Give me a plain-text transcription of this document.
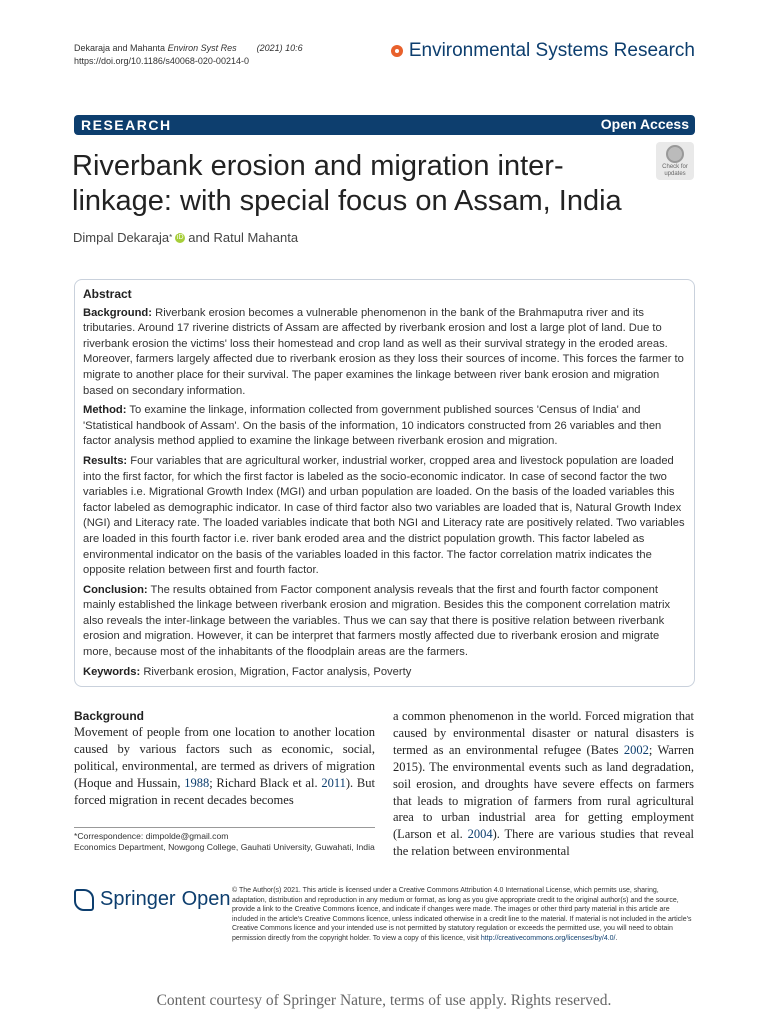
Dekaraja and Mahanta Environ Syst Res (2021) 10:6
https://doi.org/10.1186/s40068-020-00214-0	Environmental Systems Research
RESEARCH	Open Access
Riverbank erosion and migration inter-linkage: with special focus on Assam, India
Check for
updates
Dimpal Dekaraja * iD and Ratul Mahanta
Abstract

Background: Riverbank erosion becomes a vulnerable phenomenon in the bank of the Brahmaputra river and its tributaries. Around 17 riverine districts of Assam are affected by riverbank erosion and lost a large plot of land. Due to riverbank erosion the victims' loss their homestead and crop land as well as their survival strategy in the eroded areas. Moreover, farmers largely affected due to riverbank erosion as they loss their sources of income. This forces the farmer to migrate to another place for their survival. The paper examines the linkage between river bank erosion and migration based on secondary information.

Method: To examine the linkage, information collected from government published sources 'Census of India' and 'Statistical handbook of Assam'. On the basis of the information, 10 indicators constructed from 26 variables and then factor analysis method applied to examine the linkage between riverbank erosion and migration.

Results: Four variables that are agricultural worker, industrial worker, cropped area and livestock population are loaded into the first factor, for which the first factor is labeled as the socio-economic indicator. In case of second factor the two variables i.e. Migrational Growth Index (MGI) and urban population are loaded. On the basis of the loaded variables this factor labeled as demographic indicator. In case of third factor also two variables are loaded that is, Natural Growth Index (NGI) and Literacy rate. The loaded variables indicate that both NGI and Literacy rate are positively related. Two variables are loaded in this fourth factor i.e. river bank eroded area and the district population growth. This factor labeled as environmental indicator on the basis of the variables loaded in this factor. The factor correlation matrix indicates the opposite relation between first and fourth factor.

Conclusion: The results obtained from Factor component analysis reveals that the first and fourth factor component mainly established the linkage between riverbank erosion and migration. Besides this the component correlation matrix also reveals the inter-linkage between the variables. Thus we can say that there is positive relation between riverbank erosion and migration. However, it can be interpret that farmers mostly affected due to riverbank erosion and migrate more, because most of the inhabitants of the floodplain areas are the farmers.

Keywords: Riverbank erosion, Migration, Factor analysis, Poverty

Background
Movement of people from one location to another location caused by various factors such as economic, social, political, environmental, are termed as drivers of migration (Hoque and Hussain, 1988; Richard Black et al. 2011). But forced migration in recent decades becomes
a common phenomenon in the world. Forced migration that caused by environmental disaster or natural disasters is termed as an environmental refugee (Bates 2002; Warren 2015). The environmental events such as land degradation, soil erosion, and droughts have severe effects on farmers that leads to migration of farmers from rural agricultural area to urban industrial area for getting employment (Larson et al. 2004). There are various studies that reveal the relation between environmental
*Correspondence: dimpolde@gmail.com
Economics Department, Nowgong College, Gauhati University, Guwahati, India
Springer Open © The Author(s) 2021. This article is licensed under a Creative Commons Attribution 4.0 International License, which permits use, sharing, adaptation, distribution and reproduction in any medium or format, as long as you give appropriate credit to the original author(s) and the source, provide a link to the Creative Commons licence, and indicate if changes were made. The images or other third party material in this article are included in the article's Creative Commons licence, unless indicated otherwise in a credit line to the material. If material is not included in the article's Creative Commons licence and your intended use is not permitted by statutory regulation or exceeds the permitted use, you will need to obtain permission directly from the copyright holder. To view a copy of this licence, visit http://creativecommons.org/licenses/by/4.0/.
Content courtesy of Springer Nature, terms of use apply. Rights reserved.
